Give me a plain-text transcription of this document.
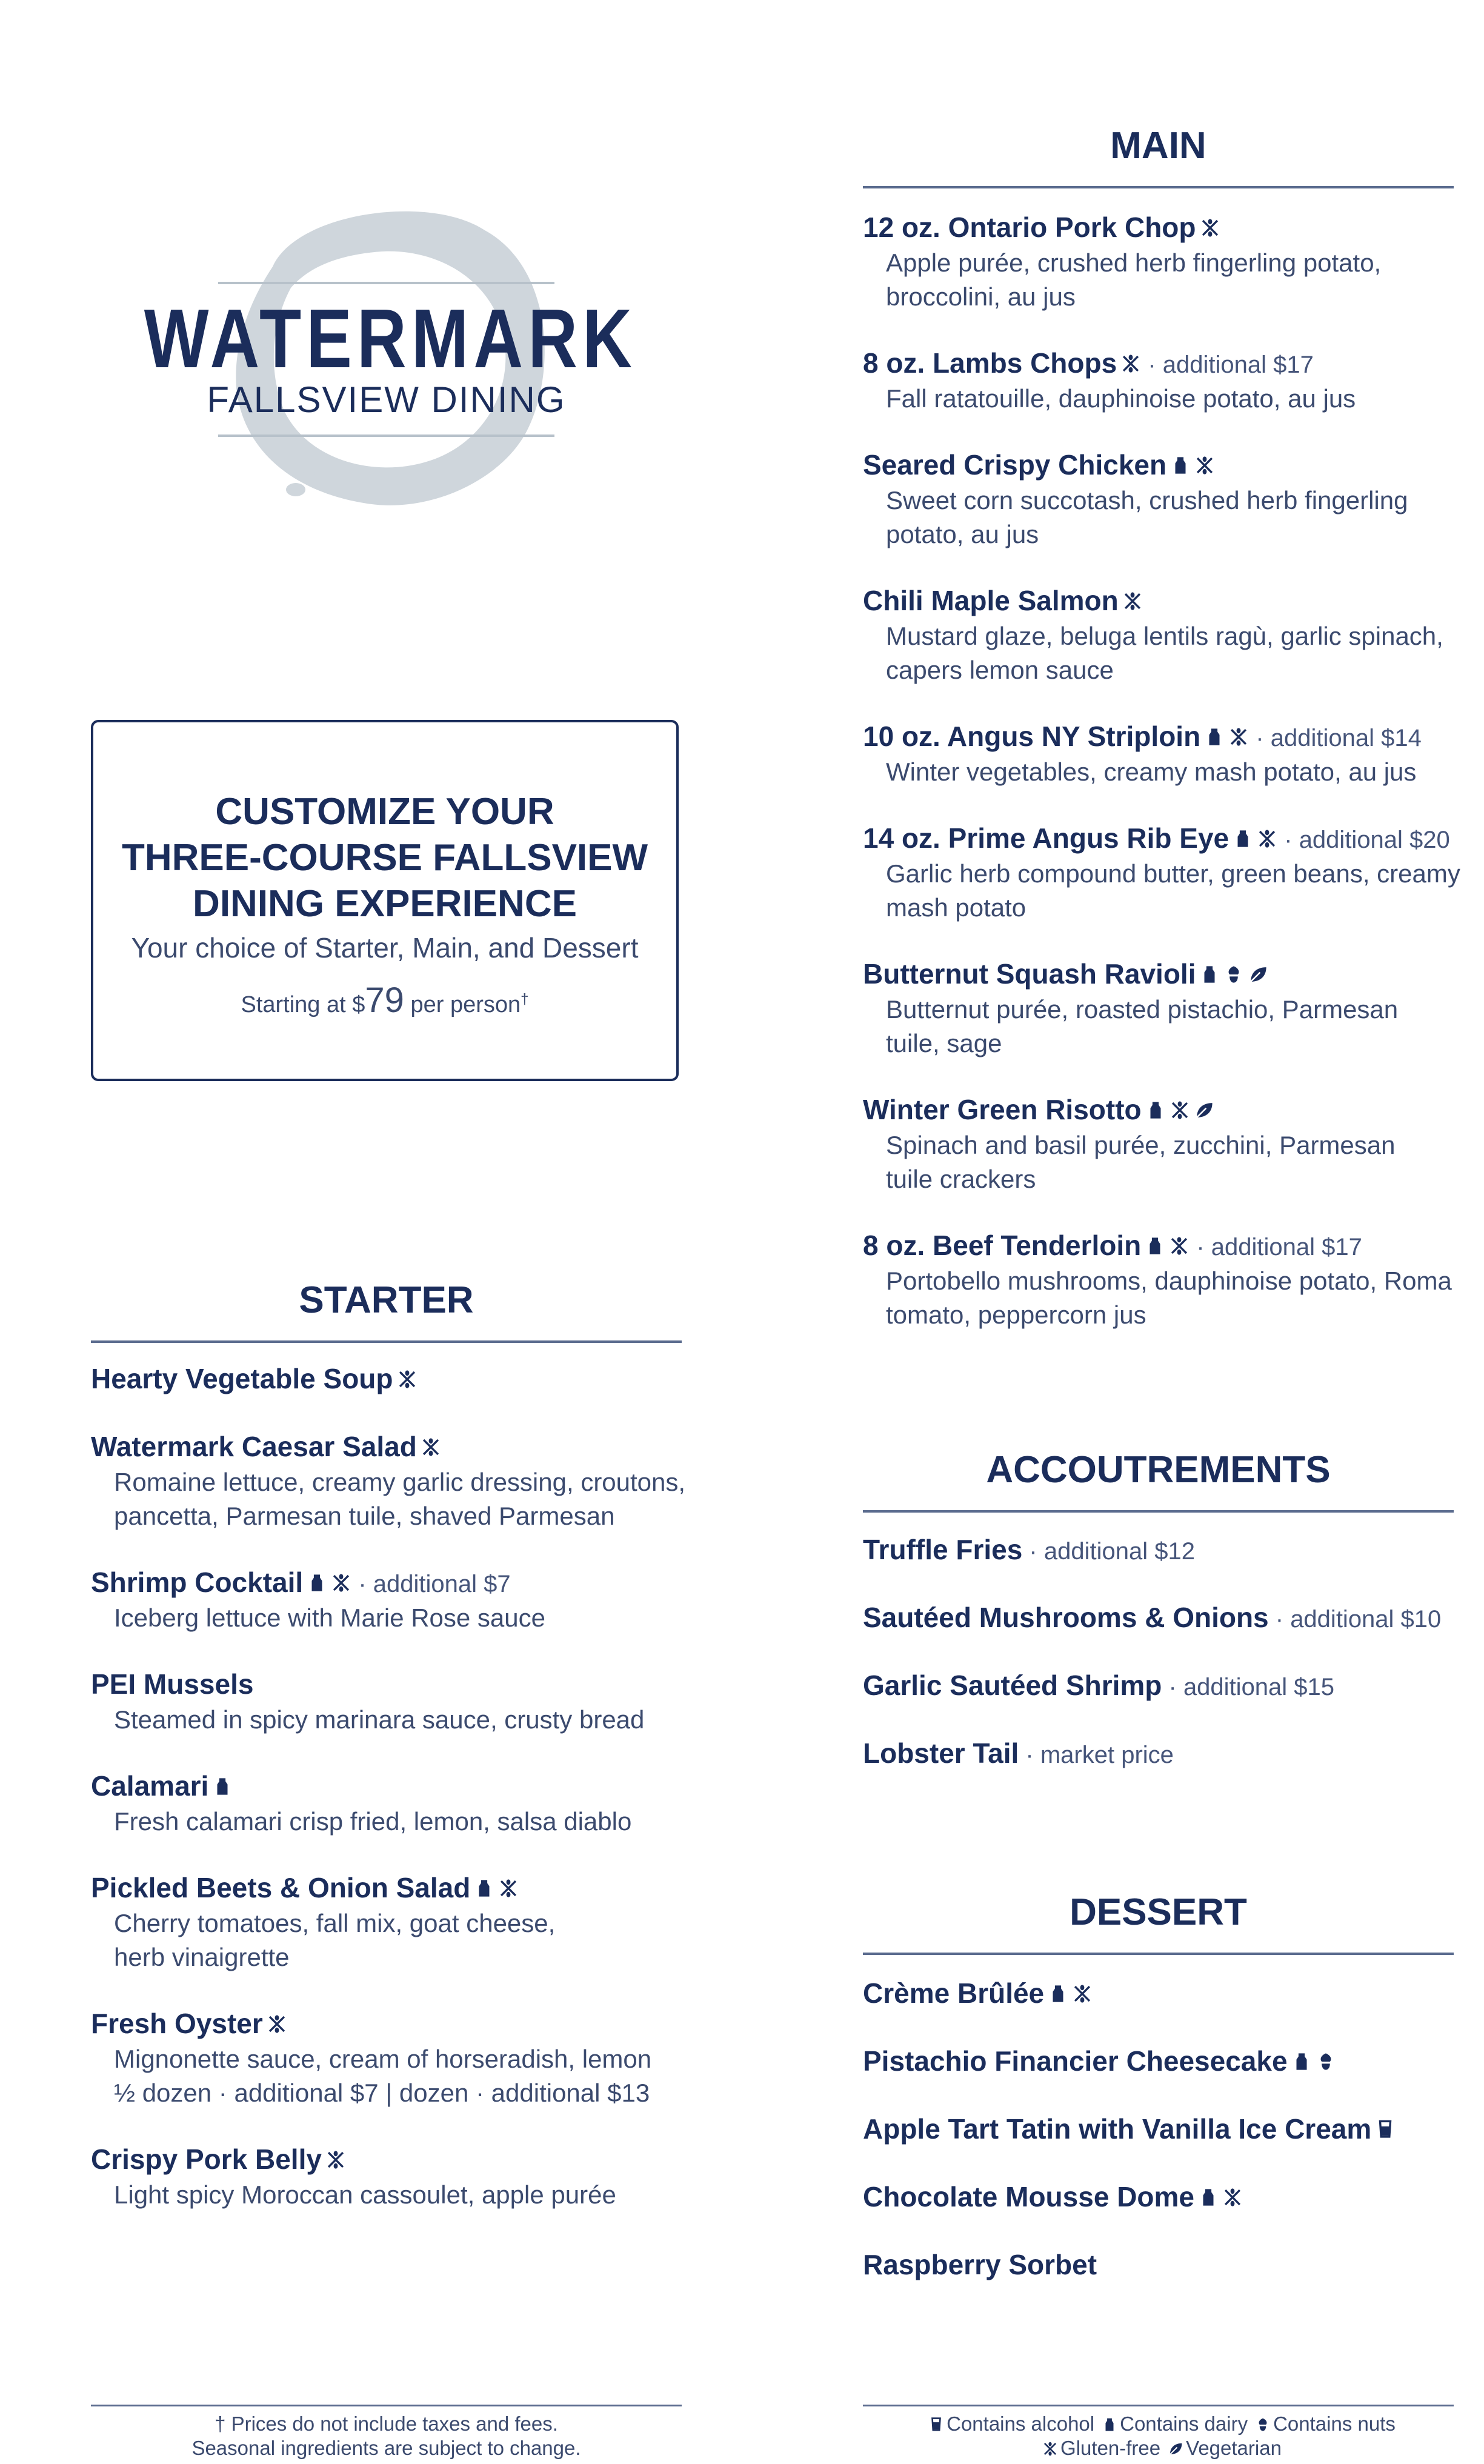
WATERMARK
FALLSVIEW DINING
CUSTOMIZE YOUR
THREE-COURSE FALLSVIEW
DINING EXPERIENCE
Your choice of Starter, Main, and Dessert
Starting at $79 per person†
STARTER
MAIN
ACCOUTREMENTS
DESSERT
Hearty Vegetable Soup
Watermark Caesar Salad
Romaine lettuce, creamy garlic dressing, croutons,
pancetta, Parmesan tuile, shaved Parmesan
Shrimp Cocktail · additional $7
Iceberg lettuce with Marie Rose sauce
PEI Mussels
Steamed in spicy marinara sauce, crusty bread
Calamari
Fresh calamari crisp fried, lemon, salsa diablo
Pickled Beets & Onion Salad
Cherry tomatoes, fall mix, goat cheese,
herb vinaigrette
Fresh Oyster
Mignonette sauce, cream of horseradish, lemon
½ dozen · additional $7 | dozen · additional $13
Crispy Pork Belly
Light spicy Moroccan cassoulet, apple purée
12 oz. Ontario Pork Chop
Apple purée, crushed herb fingerling potato,
broccolini, au jus
8 oz. Lambs Chops · additional $17
Fall ratatouille, dauphinoise potato, au jus
Seared Crispy Chicken
Sweet corn succotash, crushed herb fingerling
potato, au jus
Chili Maple Salmon
Mustard glaze, beluga lentils ragù, garlic spinach,
capers lemon sauce
10 oz. Angus NY Striploin · additional $14
Winter vegetables, creamy mash potato, au jus
14 oz. Prime Angus Rib Eye · additional $20
Garlic herb compound butter, green beans, creamy
mash potato
Butternut Squash Ravioli
Butternut purée, roasted pistachio, Parmesan
tuile, sage
Winter Green Risotto
Spinach and basil purée, zucchini, Parmesan
tuile crackers
8 oz. Beef Tenderloin · additional $17
Portobello mushrooms, dauphinoise potato, Roma
tomato, peppercorn jus
Truffle Fries · additional $12
Sautéed Mushrooms & Onions · additional $10
Garlic Sautéed Shrimp · additional $15
Lobster Tail · market price
Crème Brûlée
Pistachio Financier Cheesecake
Apple Tart Tatin with Vanilla Ice Cream
Chocolate Mousse Dome
Raspberry Sorbet
† Prices do not include taxes and fees.
Seasonal ingredients are subject to change.
Contains alcohol Contains dairy Contains nuts
Gluten-free Vegetarian
